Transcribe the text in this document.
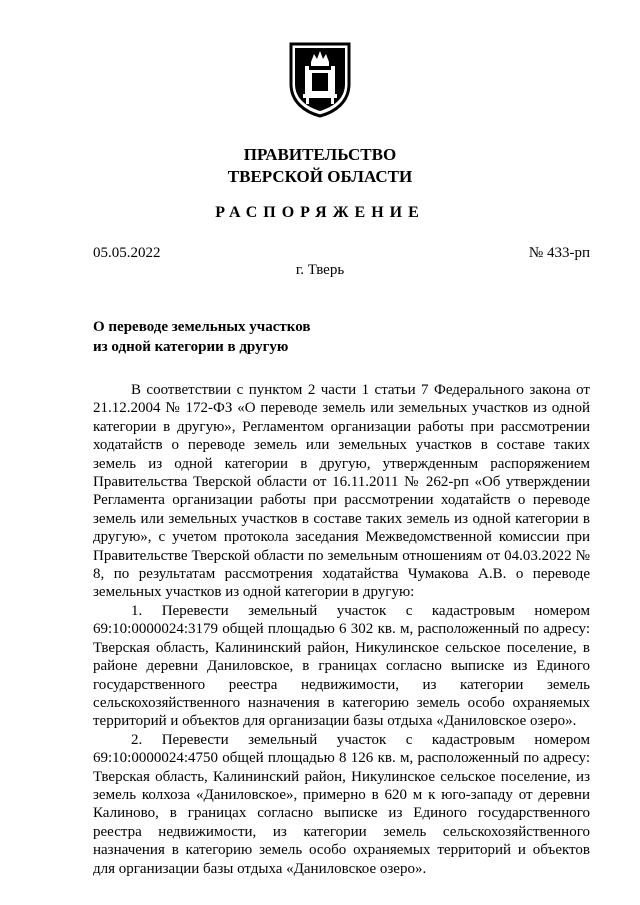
ПРАВИТЕЛЬСТВО
ТВЕРСКОЙ ОБЛАСТИ
РАСПОРЯЖЕНИЕ
05.05.2022	№ 433-рп
г. Тверь
О переводе земельных участков
из одной категории в другую

В соответствии с пунктом 2 части 1 статьи 7 Федерального закона от 21.12.2004 № 172-ФЗ «О переводе земель или земельных участков из одной категории в другую», Регламентом организации работы при рассмотрении ходатайств о переводе земель или земельных участков в составе таких земель из одной категории в другую, утвержденным распоряжением Правительства Тверской области от 16.11.2011 № 262-рп «Об утверждении Регламента организации работы при рассмотрении ходатайств о переводе земель или земельных участков в составе таких земель из одной категории в другую», с учетом протокола заседания Межведомственной комиссии при Правительстве Тверской области по земельным отношениям от 04.03.2022 № 8, по результатам рассмотрения ходатайства Чумакова А.В. о переводе земельных участков из одной категории в другую:

1. Перевести земельный участок с кадастровым номером 69:10:0000024:3179 общей площадью 6 302 кв. м, расположенный по адресу: Тверская область, Калининский район, Никулинское сельское поселение, в районе деревни Даниловское, в границах согласно выписке из Единого государственного реестра недвижимости, из категории земель сельскохозяйственного назначения в категорию земель особо охраняемых территорий и объектов для организации базы отдыха «Даниловское озеро».

2. Перевести земельный участок с кадастровым номером 69:10:0000024:4750 общей площадью 8 126 кв. м, расположенный по адресу: Тверская область, Калининский район, Никулинское сельское поселение, из земель колхоза «Даниловское», примерно в 620 м к юго-западу от деревни Калиново, в границах согласно выписке из Единого государственного реестра недвижимости, из категории земель сельскохозяйственного назначения в категорию земель особо охраняемых территорий и объектов для организации базы отдыха «Даниловское озеро».
